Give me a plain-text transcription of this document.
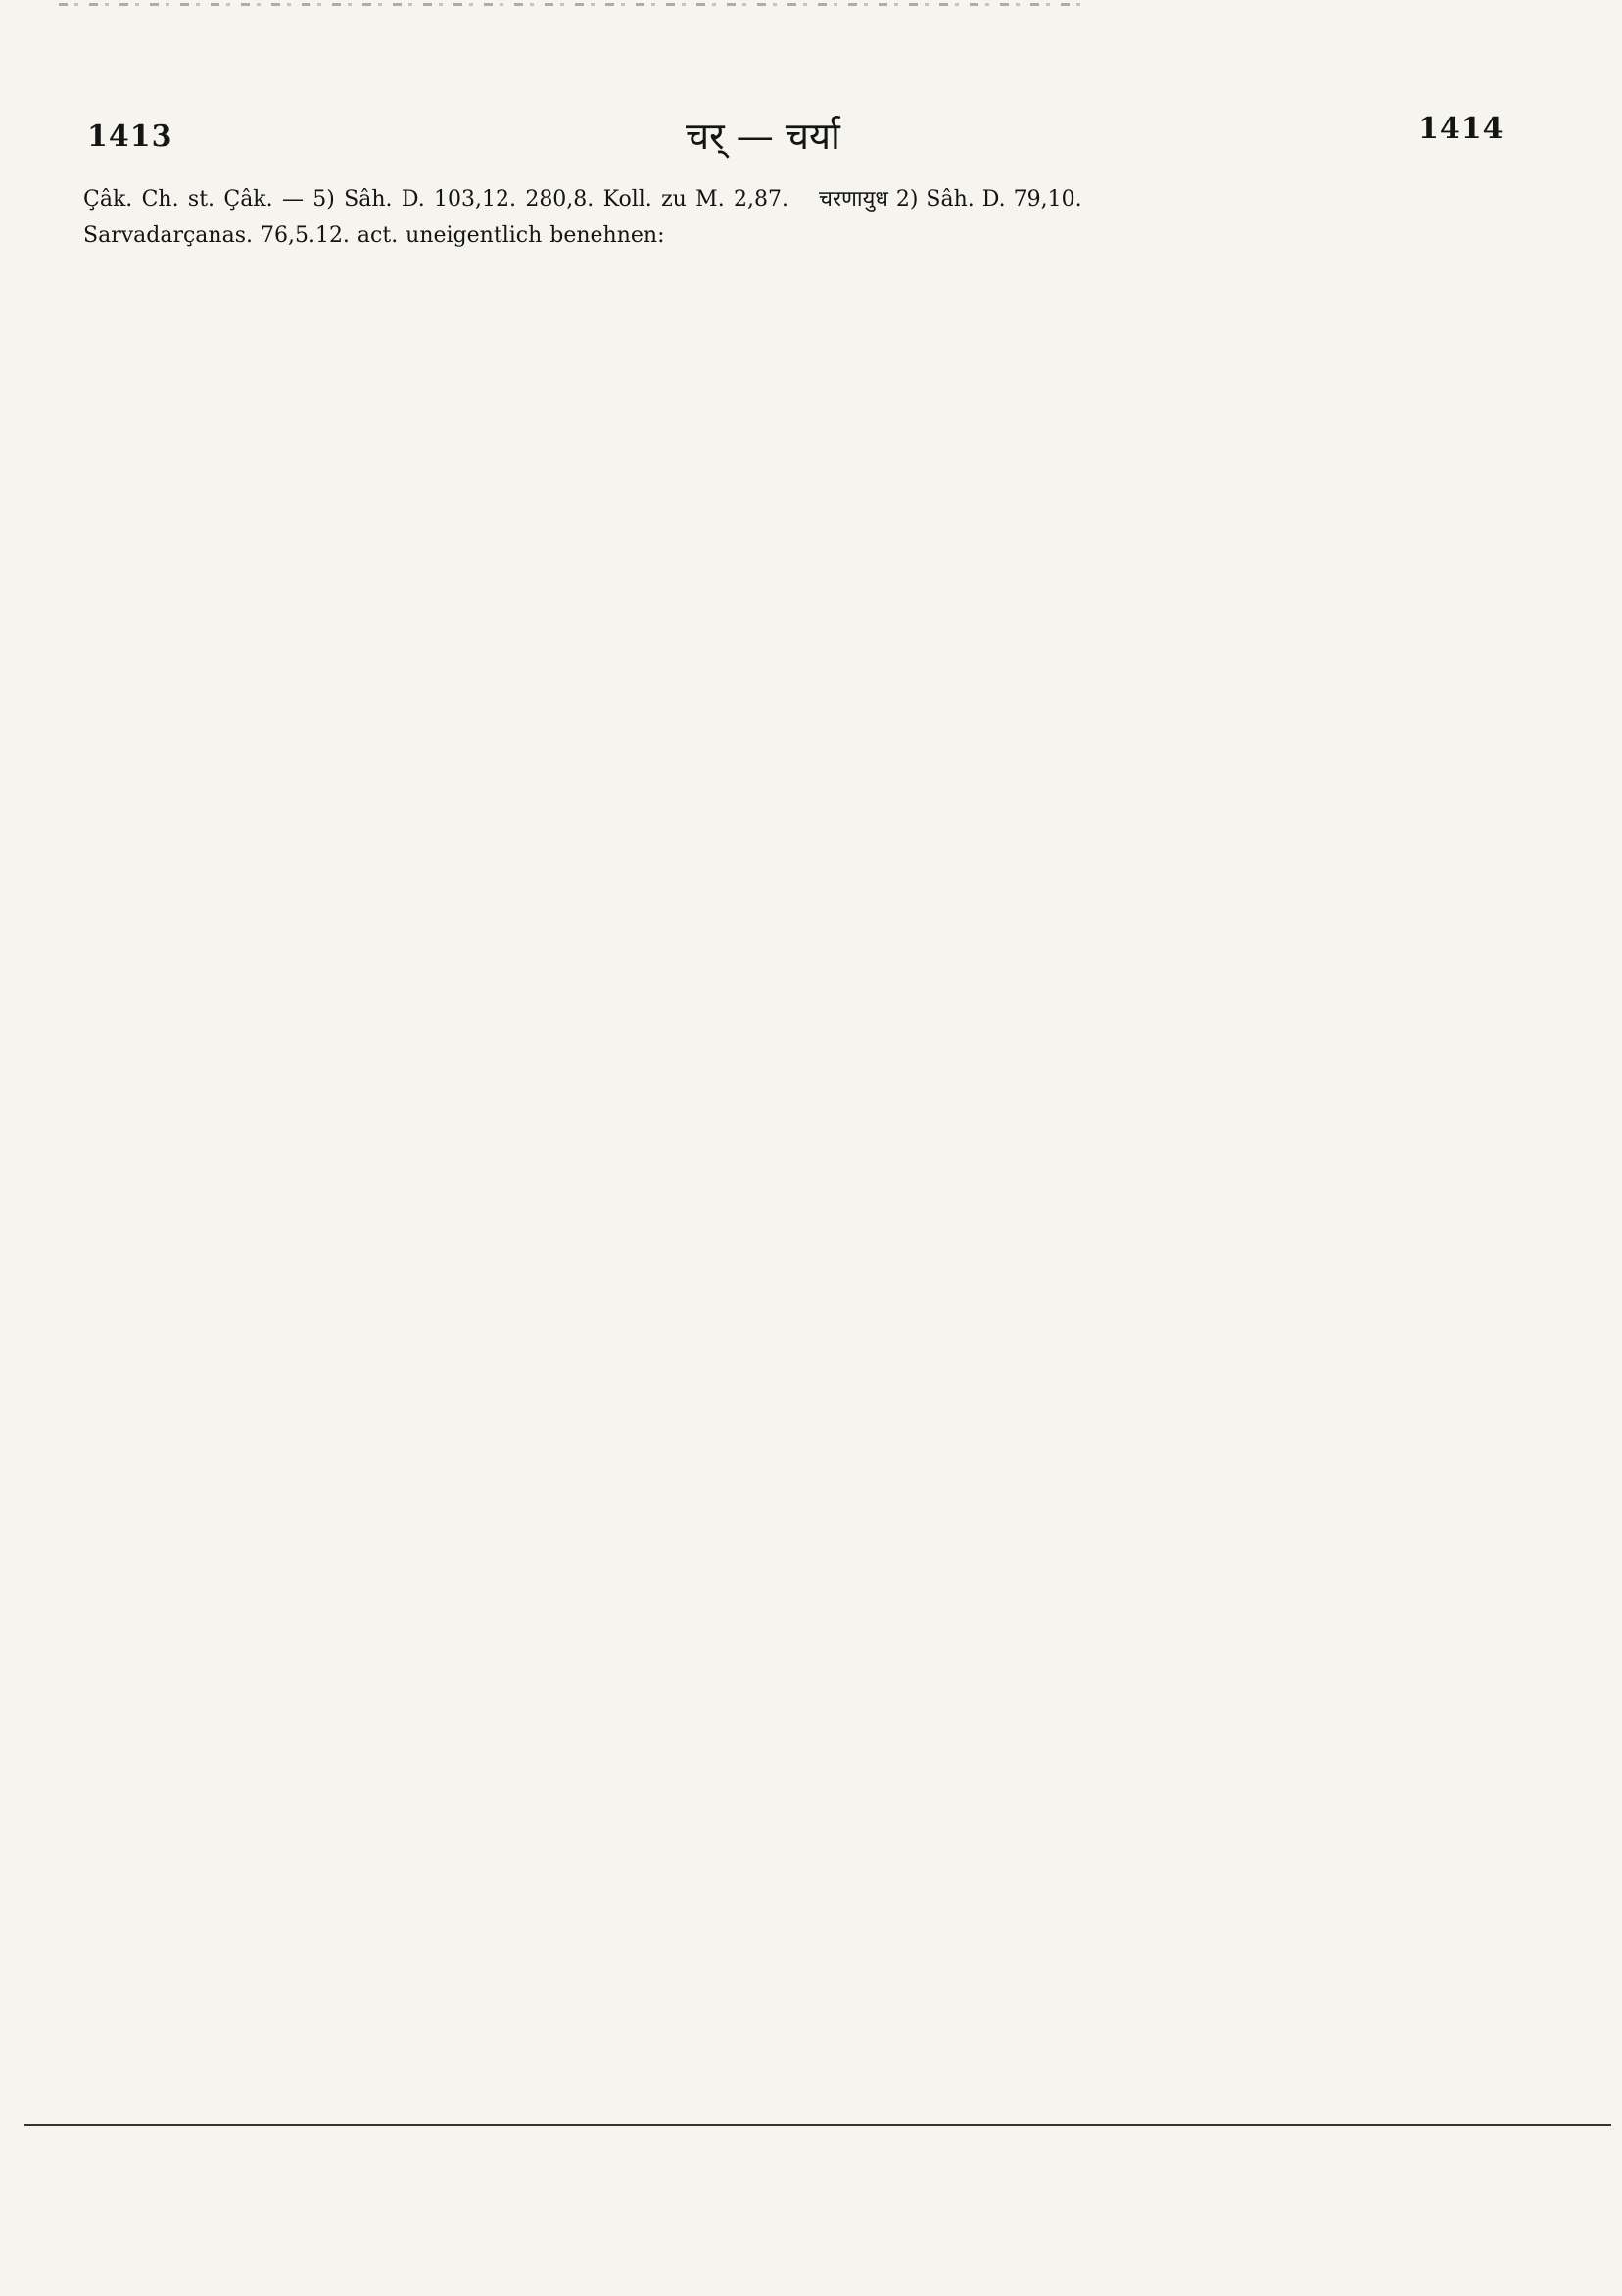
1413	चर् — चर्या	1414

Çâk. Ch. st. Çâk. — 5) Sâh. D. 103,12. 280,8. Koll. zu M. 2,87. Sarvadarçanas. 76,5.12. act. uneigentlich benehnen:

चरणायुध 2) Sâh. D. 79,10.
